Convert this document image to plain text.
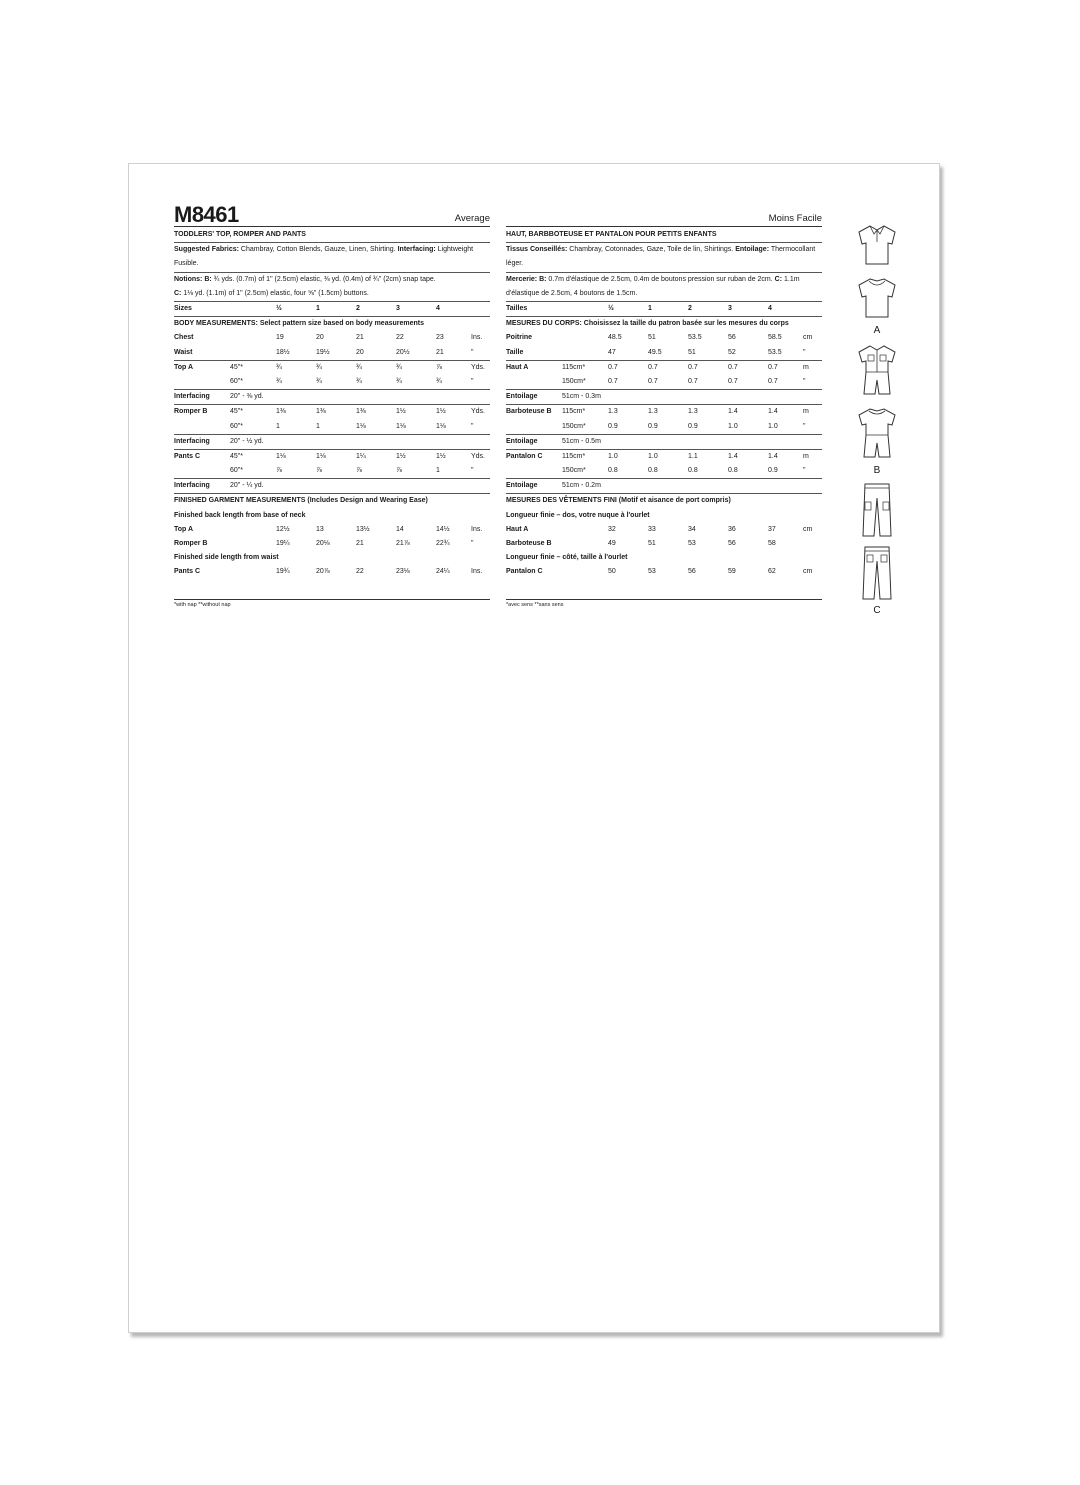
M8461	Average
TODDLERS' TOP, ROMPER AND PANTS
Suggested Fabrics: Chambray, Cotton Blends, Gauze, Linen, Shirting. Interfacing: Lightweight Fusible.
Notions: B: ¾ yds. (0.7m) of 1" (2.5cm) elastic, ⅜ yd. (0.4m) of ¾" (2cm) snap tape.
C: 1⅛ yd. (1.1m) of 1" (2.5cm) elastic, four ⅝" (1.5cm) buttons.
Sizes	½	1	2	3	4
BODY MEASUREMENTS: Select pattern size based on body measurements
Chest	19	20	21	22	23	Ins.
Waist	18½	19½	20	20½	21	"
Top A	45"*	¾	¾	¾	¾	⅞	Yds.
60"*	¾	¾	¾	¾	¾	"
Interfacing	20" - ⅜ yd.
Romper B	45"*	1⅜	1⅜	1⅜	1½	1½	Yds.
60"*	1	1	1⅛	1⅛	1⅛	"
Interfacing	20" - ½ yd.
Pants C	45"*	1⅛	1⅛	1¼	1½	1½	Yds.
60"*	⅞	⅞	⅞	⅞	1	"
Interfacing	20" - ¼ yd.
FINISHED GARMENT MEASUREMENTS (Includes Design and Wearing Ease)
Finished back length from base of neck
Top A	12½	13	13½	14	14½	Ins.
Romper B	19¼	20⅛	21	21⅞	22¾	"
Finished side length from waist
Pants C	19¾	20⅞	22	23⅛	24¼	Ins.
*with nap **without nap
Moins Facile
HAUT, BARBBOTEUSE ET PANTALON POUR PETITS ENFANTS
Tissus Conseillés: Chambray, Cotonnades, Gaze, Toile de lin, Shirtings. Entoilage: Thermocollant léger.
Mercerie: B: 0.7m d'élastique de 2.5cm, 0.4m de boutons pression sur ruban de 2cm. C: 1.1m d'élastique de 2.5cm, 4 boutons de 1.5cm.
Tailles	½	1	2	3	4
MESURES DU CORPS: Choisissez la taille du patron basée sur les mesures du corps
Poitrine	48.5	51	53.5	56	58.5	cm
Taille	47	49.5	51	52	53.5	"
Haut A	115cm*	0.7	0.7	0.7	0.7	0.7	m
150cm*	0.7	0.7	0.7	0.7	0.7	"
Entoilage	51cm - 0.3m
Barboteuse B 115cm*	1.3	1.3	1.3	1.4	1.4	m
150cm*	0.9	0.9	0.9	1.0	1.0	"
Entoilage	51cm - 0.5m
Pantalon C	115cm*	1.0	1.0	1.1	1.4	1.4	m
150cm*	0.8	0.8	0.8	0.8	0.9	"
Entoilage	51cm - 0.2m
MESURES DES VÊTEMENTS FINI (Motif et aisance de port compris)
Longueur finie – dos, votre nuque à l'ourlet
Haut A	32	33	34	36	37	cm
Barboteuse B	49	51	53	56	58
Longueur finie – côté, taille à l'ourlet
Pantalon C	50	53	56	59	62	cm
*avec sens **sans sens
A
B
C
